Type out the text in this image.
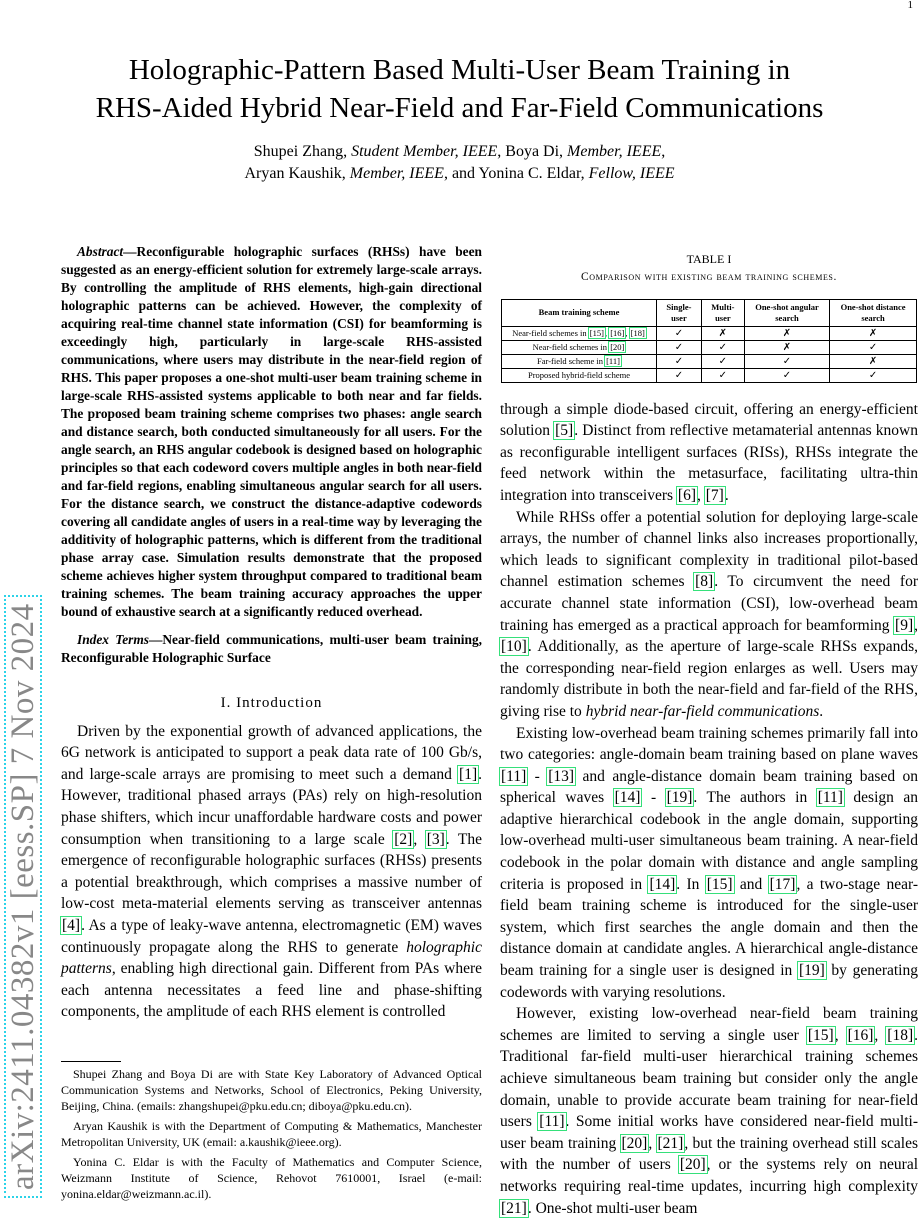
1
arXiv:2411.04382v1 [eess.SP] 7 Nov 2024
Holographic-Pattern Based Multi-User Beam Training in
RHS-Aided Hybrid Near-Field and Far-Field Communications
Shupei Zhang, Student Member, IEEE, Boya Di, Member, IEEE,
Aryan Kaushik, Member, IEEE, and Yonina C. Eldar, Fellow, IEEE

Abstract—Reconfigurable holographic surfaces (RHSs) have been suggested as an energy-efficient solution for extremely large-scale arrays. By controlling the amplitude of RHS elements, high-gain directional holographic patterns can be achieved. However, the complexity of acquiring real-time channel state information (CSI) for beamforming is exceedingly high, particularly in large-scale RHS-assisted communications, where users may distribute in the near-field region of RHS. This paper proposes a one-shot multi-user beam training scheme in large-scale RHS-assisted systems applicable to both near and far fields. The proposed beam training scheme comprises two phases: angle search and distance search, both conducted simultaneously for all users. For the angle search, an RHS angular codebook is designed based on holographic principles so that each codeword covers multiple angles in both near-field and far-field regions, enabling simultaneous angular search for all users. For the distance search, we construct the distance-adaptive codewords covering all candidate angles of users in a real-time way by leveraging the additivity of holographic patterns, which is different from the traditional phase array case. Simulation results demonstrate that the proposed scheme achieves higher system throughput compared to traditional beam training schemes. The beam training accuracy approaches the upper bound of exhaustive search at a significantly reduced overhead.

Index Terms—Near-field communications, multi-user beam training, Reconfigurable Holographic Surface

I. Introduction

Driven by the exponential growth of advanced applications, the 6G network is anticipated to support a peak data rate of 100 Gb/s, and large-scale arrays are promising to meet such a demand [1]. However, traditional phased arrays (PAs) rely on high-resolution phase shifters, which incur unaffordable hardware costs and power consumption when transitioning to a large scale [2], [3]. The emergence of reconfigurable holographic surfaces (RHSs) presents a potential breakthrough, which comprises a massive number of low-cost meta-material elements serving as transceiver antennas [4]. As a type of leaky-wave antenna, electromagnetic (EM) waves continuously propagate along the RHS to generate holographic patterns, enabling high directional gain. Different from PAs where each antenna necessitates a feed line and phase-shifting components, the amplitude of each RHS element is controlled

Shupei Zhang and Boya Di are with State Key Laboratory of Advanced Optical Communication Systems and Networks, School of Electronics, Peking University, Beijing, China. (emails: zhangshupei@pku.edu.cn; diboya@pku.edu.cn).

Aryan Kaushik is with the Department of Computing & Mathematics, Manchester Metropolitan University, UK (email: a.kaushik@ieee.org).

Yonina C. Eldar is with the Faculty of Mathematics and Computer Science, Weizmann Institute of Science, Rehovot 7610001, Israel (e-mail: yonina.eldar@weizmann.ac.il).

TABLE I
Comparison with existing beam training schemes.
Beam training scheme	Single-user	Multi-user	One-shot angular search	One-shot distance search
Near-field schemes in [15], [16], [18]	✓	✗	✗	✗
Near-field schemes in [20]	✓	✓	✗	✓
Far-field scheme in [11]	✓	✓	✓	✗
Proposed hybrid-field scheme	✓	✓	✓	✓

through a simple diode-based circuit, offering an energy-efficient solution [5]. Distinct from reflective metamaterial antennas known as reconfigurable intelligent surfaces (RISs), RHSs integrate the feed network within the metasurface, facilitating ultra-thin integration into transceivers [6], [7].

While RHSs offer a potential solution for deploying large-scale arrays, the number of channel links also increases proportionally, which leads to significant complexity in traditional pilot-based channel estimation schemes [8]. To circumvent the need for accurate channel state information (CSI), low-overhead beam training has emerged as a practical approach for beamforming [9], [10]. Additionally, as the aperture of large-scale RHSs expands, the corresponding near-field region enlarges as well. Users may randomly distribute in both the near-field and far-field of the RHS, giving rise to hybrid near-far-field communications.

Existing low-overhead beam training schemes primarily fall into two categories: angle-domain beam training based on plane waves [11] - [13] and angle-distance domain beam training based on spherical waves [14] - [19]. The authors in [11] design an adaptive hierarchical codebook in the angle domain, supporting low-overhead multi-user simultaneous beam training. A near-field codebook in the polar domain with distance and angle sampling criteria is proposed in [14]. In [15] and [17], a two-stage near-field beam training scheme is introduced for the single-user system, which first searches the angle domain and then the distance domain at candidate angles. A hierarchical angle-distance beam training for a single user is designed in [19] by generating codewords with varying resolutions.

However, existing low-overhead near-field beam training schemes are limited to serving a single user [15], [16], [18]. Traditional far-field multi-user hierarchical training schemes achieve simultaneous beam training but consider only the angle domain, unable to provide accurate beam training for near-field users [11]. Some initial works have considered near-field multi-user beam training [20], [21], but the training overhead still scales with the number of users [20], or the systems rely on neural networks requiring real-time updates, incurring high complexity [21]. One-shot multi-user beam
